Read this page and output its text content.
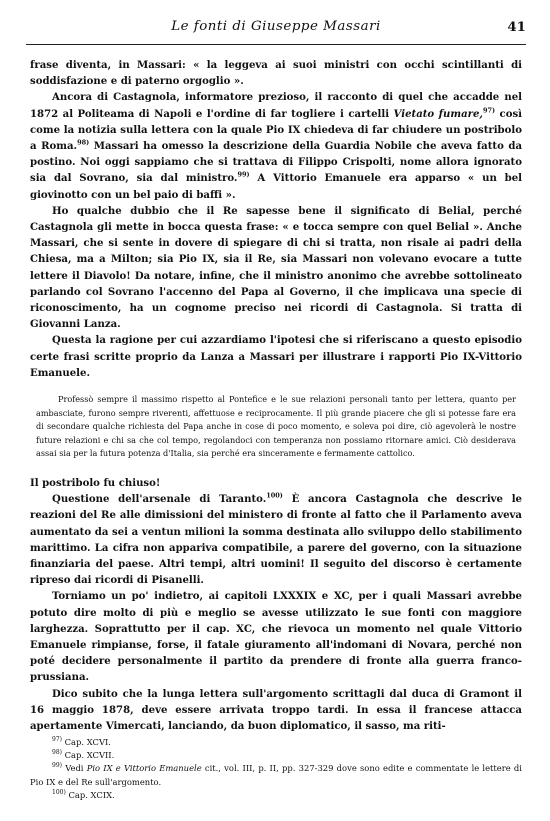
Le fonti di Giuseppe Massari	41

frase diventa, in Massari: « la leggeva ai suoi ministri con occhi scintillanti di soddisfazione e di paterno orgoglio ».

Ancora di Castagnola, informatore prezioso, il racconto di quel che accadde nel 1872 al Politeama di Napoli e l'ordine di far togliere i cartelli Vietato fumare,$^{97)}$ così come la notizia sulla lettera con la quale Pio IX chiedeva di far chiudere un postribolo a Roma.$^{98)}$ Massari ha omesso la descrizione della Guardia Nobile che aveva fatto da postino. Noi oggi sappiamo che si trattava di Filippo Crispolti, nome allora ignorato sia dal Sovrano, sia dal ministro.$^{99)}$ A Vittorio Emanuele era apparso « un bel giovinotto con un bel paio di baffi ».

Ho qualche dubbio che il Re sapesse bene il significato di Belial, perché Castagnola gli mette in bocca questa frase: « e tocca sempre con quel Belial ». Anche Massari, che si sente in dovere di spiegare di chi si tratta, non risale ai padri della Chiesa, ma a Milton; sia Pio IX, sia il Re, sia Massari non volevano evocare a tutte lettere il Diavolo! Da notare, infine, che il ministro anonimo che avrebbe sottolineato parlando col Sovrano l'accenno del Papa al Governo, il che implicava una specie di riconoscimento, ha un cognome preciso nei ricordi di Castagnola. Si tratta di Giovanni Lanza.

Questa la ragione per cui azzardiamo l'ipotesi che si riferiscano a questo episodio certe frasi scritte proprio da Lanza a Massari per illustrare i rapporti Pio IX-Vittorio Emanuele.

Professò sempre il massimo rispetto al Pontefice e le sue relazioni personali tanto per lettera, quanto per ambasciate, furono sempre riverenti, affettuose e reciprocamente. Il più grande piacere che gli si potesse fare era di secondare qualche richiesta del Papa anche in cose di poco momento, e soleva poi dire, ciò agevolerà le nostre future relazioni e chi sa che col tempo, regolandoci con temperanza non possiamo ritornare amici. Ciò desiderava assai sia per la futura potenza d'Italia, sia perché era sinceramente e fermamente cattolico.

Il postribolo fu chiuso!

Questione dell'arsenale di Taranto.$^{100)}$ È ancora Castagnola che descrive le reazioni del Re alle dimissioni del ministero di fronte al fatto che il Parlamento aveva aumentato da sei a ventun milioni la somma destinata allo sviluppo dello stabilimento marittimo. La cifra non appariva compatibile, a parere del governo, con la situazione finanziaria del paese. Altri tempi, altri uomini! Il seguito del discorso è certamente ripreso dai ricordi di Pisanelli.

Torniamo un po' indietro, ai capitoli LXXXIX e XC, per i quali Massari avrebbe potuto dire molto di più e meglio se avesse utilizzato le sue fonti con maggiore larghezza. Soprattutto per il cap. XC, che rievoca un momento nel quale Vittorio Emanuele rimpianse, forse, il fatale giuramento all'indomani di Novara, perché non poté decidere personalmente il partito da prendere di fronte alla guerra franco-prussiana.

Dico subito che la lunga lettera sull'argomento scrittagli dal duca di Gramont il 16 maggio 1878, deve essere arrivata troppo tardi. In essa il francese attacca apertamente Vimercati, lanciando, da buon diplomatico, il sasso, ma riti-

$^{97)}$ Cap. XCVI.

$^{98)}$ Cap. XCVII.

$^{99)}$ Vedi Pio IX e Vittorio Emanuele cit., vol. III, p. II, pp. 327-329 dove sono edite e commentate le lettere di Pio IX e del Re sull'argomento.

$^{100)}$ Cap. XCIX.
